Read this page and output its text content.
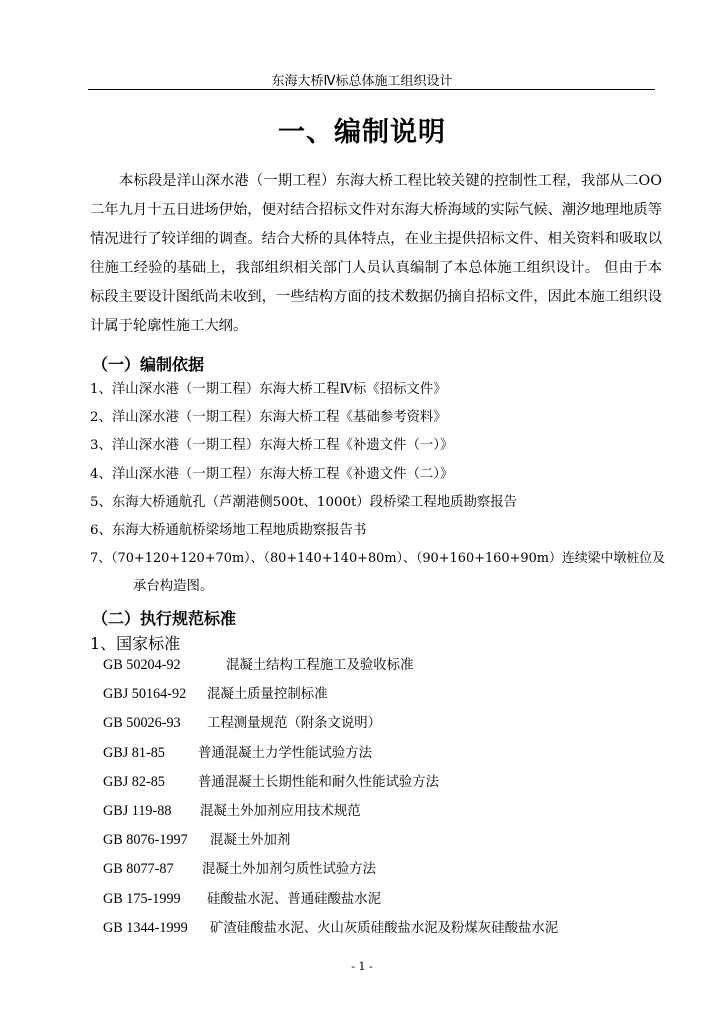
东海大桥Ⅳ标总体施工组织设计
一、编制说明

本标段是洋山深水港（一期工程）东海大桥工程比较关键的控制性工程，我部从二OO二年九月十五日进场伊始，便对结合招标文件对东海大桥海域的实际气候、潮汐地理地质等情况进行了较详细的调查。结合大桥的具体特点，在业主提供招标文件、相关资料和吸取以往施工经验的基础上，我部组织相关部门人员认真编制了本总体施工组织设计。 但由于本标段主要设计图纸尚未收到，一些结构方面的技术数据仍摘自招标文件，因此本施工组织设计属于轮廓性施工大纲。

（一）编制依据
1、洋山深水港（一期工程）东海大桥工程Ⅳ标《招标文件》
2、洋山深水港（一期工程）东海大桥工程《基础参考资料》
3、洋山深水港（一期工程）东海大桥工程《补遗文件（一）》
4、洋山深水港（一期工程）东海大桥工程《补遗文件（二）》
5、东海大桥通航孔（芦潮港侧500t、1000t）段桥梁工程地质勘察报告
6、东海大桥通航桥梁场地工程地质勘察报告书
7、（70+120+120+70m）、（80+140+140+80m）、（90+160+160+90m）连续梁中墩桩位及
承台构造图。
（二）执行规范标准
1、国家标准
GB 50204-92	混凝土结构工程施工及验收标准
GBJ 50164-92 混凝土质量控制标准
GB 50026-93 工程测量规范（附条文说明）
GBJ 81-85 普通混凝土力学性能试验方法
GBJ 82-85 普通混凝土长期性能和耐久性能试验方法
GBJ 119-88 混凝土外加剂应用技术规范
GB 8076-1997 混凝土外加剂
GB 8077-87 混凝土外加剂匀质性试验方法
GB 175-1999 硅酸盐水泥、普通硅酸盐水泥
GB 1344-1999 矿渣硅酸盐水泥、火山灰质硅酸盐水泥及粉煤灰硅酸盐水泥
- 1 -
